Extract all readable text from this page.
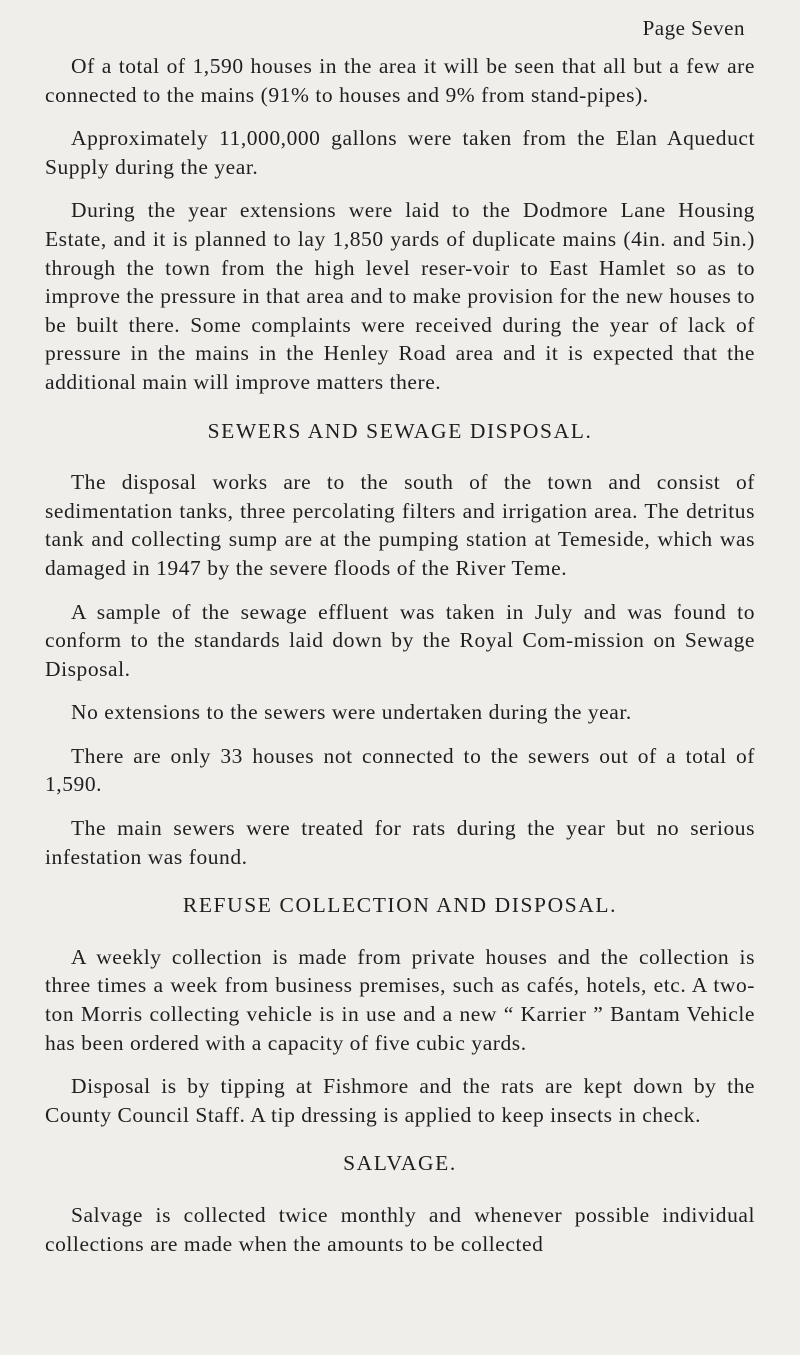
Page Seven

Of a total of 1,590 houses in the area it will be seen that all but a few are connected to the mains (91% to houses and 9% from stand-pipes).

Approximately 11,000,000 gallons were taken from the Elan Aqueduct Supply during the year.

During the year extensions were laid to the Dodmore Lane Housing Estate, and it is planned to lay 1,850 yards of duplicate mains (4in. and 5in.) through the town from the high level reser-voir to East Hamlet so as to improve the pressure in that area and to make provision for the new houses to be built there. Some complaints were received during the year of lack of pressure in the mains in the Henley Road area and it is expected that the additional main will improve matters there.

SEWERS AND SEWAGE DISPOSAL.

The disposal works are to the south of the town and consist of sedimentation tanks, three percolating filters and irrigation area. The detritus tank and collecting sump are at the pumping station at Temeside, which was damaged in 1947 by the severe floods of the River Teme.

A sample of the sewage effluent was taken in July and was found to conform to the standards laid down by the Royal Com-mission on Sewage Disposal.

No extensions to the sewers were undertaken during the year.

There are only 33 houses not connected to the sewers out of a total of 1,590.

The main sewers were treated for rats during the year but no serious infestation was found.

REFUSE COLLECTION AND DISPOSAL.

A weekly collection is made from private houses and the collection is three times a week from business premises, such as cafés, hotels, etc. A two-ton Morris collecting vehicle is in use and a new “ Karrier ” Bantam Vehicle has been ordered with a capacity of five cubic yards.

Disposal is by tipping at Fishmore and the rats are kept down by the County Council Staff. A tip dressing is applied to keep insects in check.

SALVAGE.

Salvage is collected twice monthly and whenever possible individual collections are made when the amounts to be collected
